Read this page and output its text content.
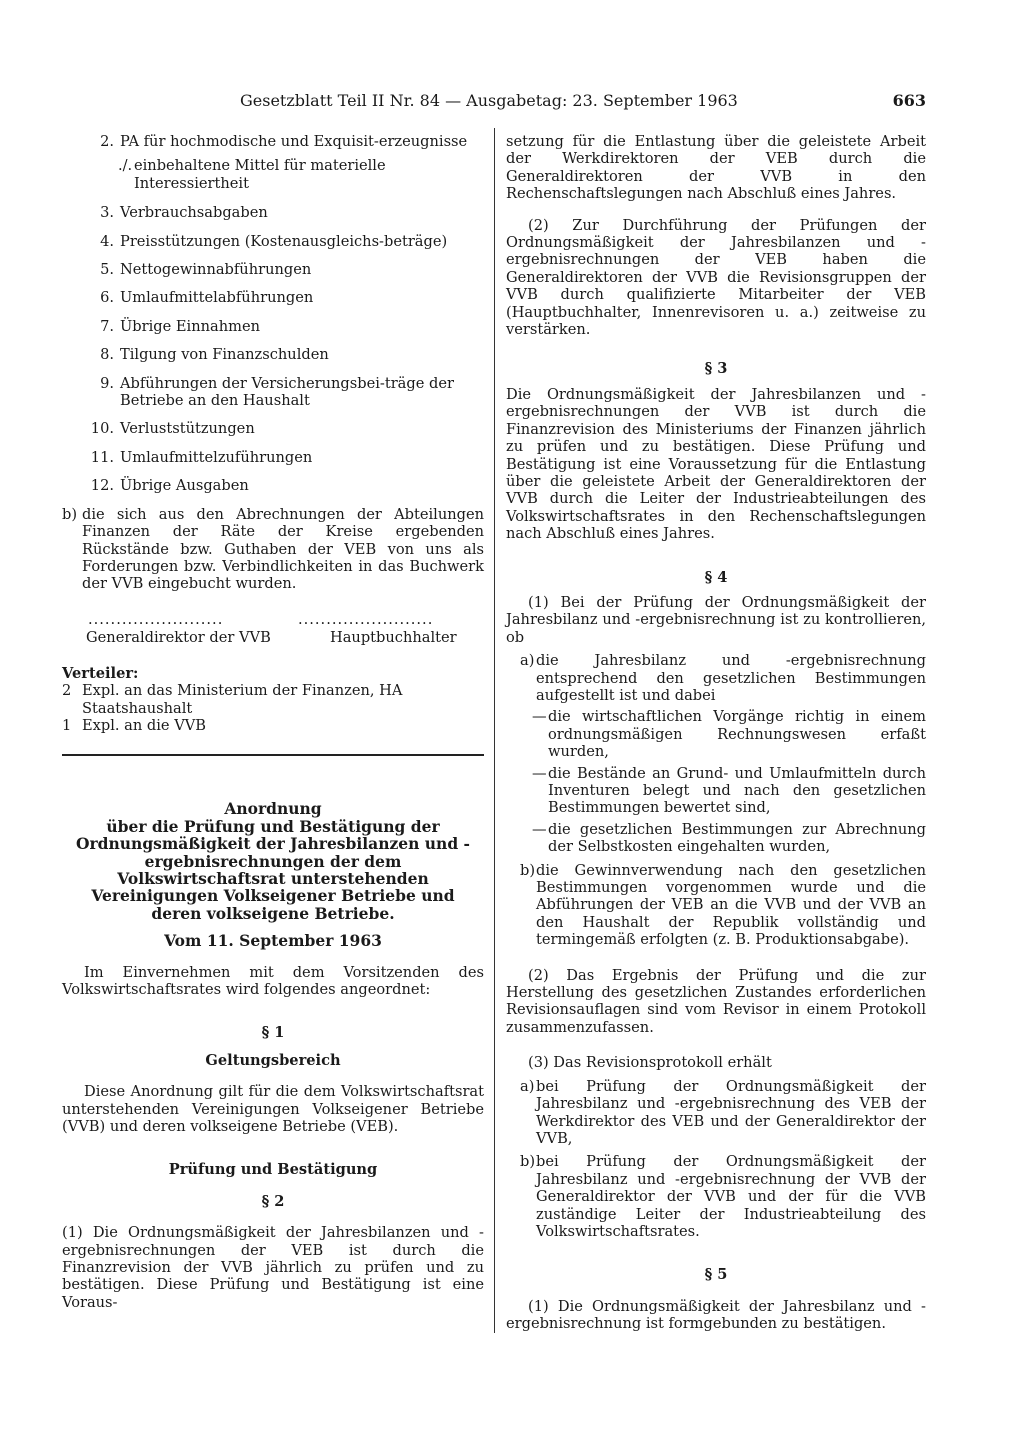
Gesetzblatt Teil II Nr. 84 — Ausgabetag: 23. September 1963	663
2. PA für hochmodische und Exquisit-erzeugnisse
./. einbehaltene Mittel für materielle Interessiertheit
3. Verbrauchsabgaben
4. Preisstützungen (Kostenausgleichs-beträge)
5. Nettogewinnabführungen
6. Umlaufmittelabführungen
7. Übrige Einnahmen
8. Tilgung von Finanzschulden
9. Abführungen der Versicherungsbei-träge der Betriebe an den Haushalt
10. Verluststützungen
11. Umlaufmittelzuführungen
12. Übrige Ausgaben
b) die sich aus den Abrechnungen der Abteilungen Finanzen der Räte der Kreise ergebenden Rückstände bzw. Guthaben der VEB von uns als Forderungen bzw. Verbindlichkeiten in das Buchwerk der VVB eingebucht wurden.
........................	........................
Generaldirektor der VVB	Hauptbuchhalter

Verteiler:

2 Expl. an das Ministerium der Finanzen, HA Staatshaushalt
1 Expl. an die VVB

Anordnung

über die Prüfung und Bestätigung der Ordnungsmäßigkeit der Jahresbilanzen und -ergebnisrechnungen der dem Volkswirtschaftsrat unterstehenden Vereinigungen Volkseigener Betriebe und deren volkseigene Betriebe.

Vom 11. September 1963

Im Einvernehmen mit dem Vorsitzenden des Volkswirtschaftsrates wird folgendes angeordnet:

§ 1

Geltungsbereich

Diese Anordnung gilt für die dem Volkswirtschaftsrat unterstehenden Vereinigungen Volkseigener Betriebe (VVB) und deren volkseigene Betriebe (VEB).

Prüfung und Bestätigung

§ 2

(1) Die Ordnungsmäßigkeit der Jahresbilanzen und -ergebnisrechnungen der VEB ist durch die Finanzrevision der VVB jährlich zu prüfen und zu bestätigen. Diese Prüfung und Bestätigung ist eine Voraus-

setzung für die Entlastung über die geleistete Arbeit der Werkdirektoren der VEB durch die Generaldirektoren der VVB in den Rechenschaftslegungen nach Abschluß eines Jahres.

(2) Zur Durchführung der Prüfungen der Ordnungsmäßigkeit der Jahresbilanzen und -ergebnisrechnungen der VEB haben die Generaldirektoren der VVB die Revisionsgruppen der VVB durch qualifizierte Mitarbeiter der VEB (Hauptbuchhalter, Innenrevisoren u. a.) zeitweise zu verstärken.

§ 3

Die Ordnungsmäßigkeit der Jahresbilanzen und -ergebnisrechnungen der VVB ist durch die Finanzrevision des Ministeriums der Finanzen jährlich zu prüfen und zu bestätigen. Diese Prüfung und Bestätigung ist eine Voraussetzung für die Entlastung über die geleistete Arbeit der Generaldirektoren der VVB durch die Leiter der Industrieabteilungen des Volkswirtschaftsrates in den Rechenschaftslegungen nach Abschluß eines Jahres.

§ 4

(1) Bei der Prüfung der Ordnungsmäßigkeit der Jahresbilanz und -ergebnisrechnung ist zu kontrollieren, ob

a) die Jahresbilanz und -ergebnisrechnung entsprechend den gesetzlichen Bestimmungen aufgestellt ist und dabei
— die wirtschaftlichen Vorgänge richtig in einem ordnungsmäßigen Rechnungswesen erfaßt wurden,
— die Bestände an Grund- und Umlaufmitteln durch Inventuren belegt und nach den gesetzlichen Bestimmungen bewertet sind,
— die gesetzlichen Bestimmungen zur Abrechnung der Selbstkosten eingehalten wurden,
b) die Gewinnverwendung nach den gesetzlichen Bestimmungen vorgenommen wurde und die Abführungen der VEB an die VVB und der VVB an den Haushalt der Republik vollständig und termingemäß erfolgten (z. B. Produktionsabgabe).

(2) Das Ergebnis der Prüfung und die zur Herstellung des gesetzlichen Zustandes erforderlichen Revisionsauflagen sind vom Revisor in einem Protokoll zusammenzufassen.

(3) Das Revisionsprotokoll erhält

a) bei Prüfung der Ordnungsmäßigkeit der Jahresbilanz und -ergebnisrechnung des VEB der Werkdirektor des VEB und der Generaldirektor der VVB,
b) bei Prüfung der Ordnungsmäßigkeit der Jahresbilanz und -ergebnisrechnung der VVB der Generaldirektor der VVB und der für die VVB zuständige Leiter der Industrieabteilung des Volkswirtschaftsrates.

§ 5

(1) Die Ordnungsmäßigkeit der Jahresbilanz und -ergebnisrechnung ist formgebunden zu bestätigen.
